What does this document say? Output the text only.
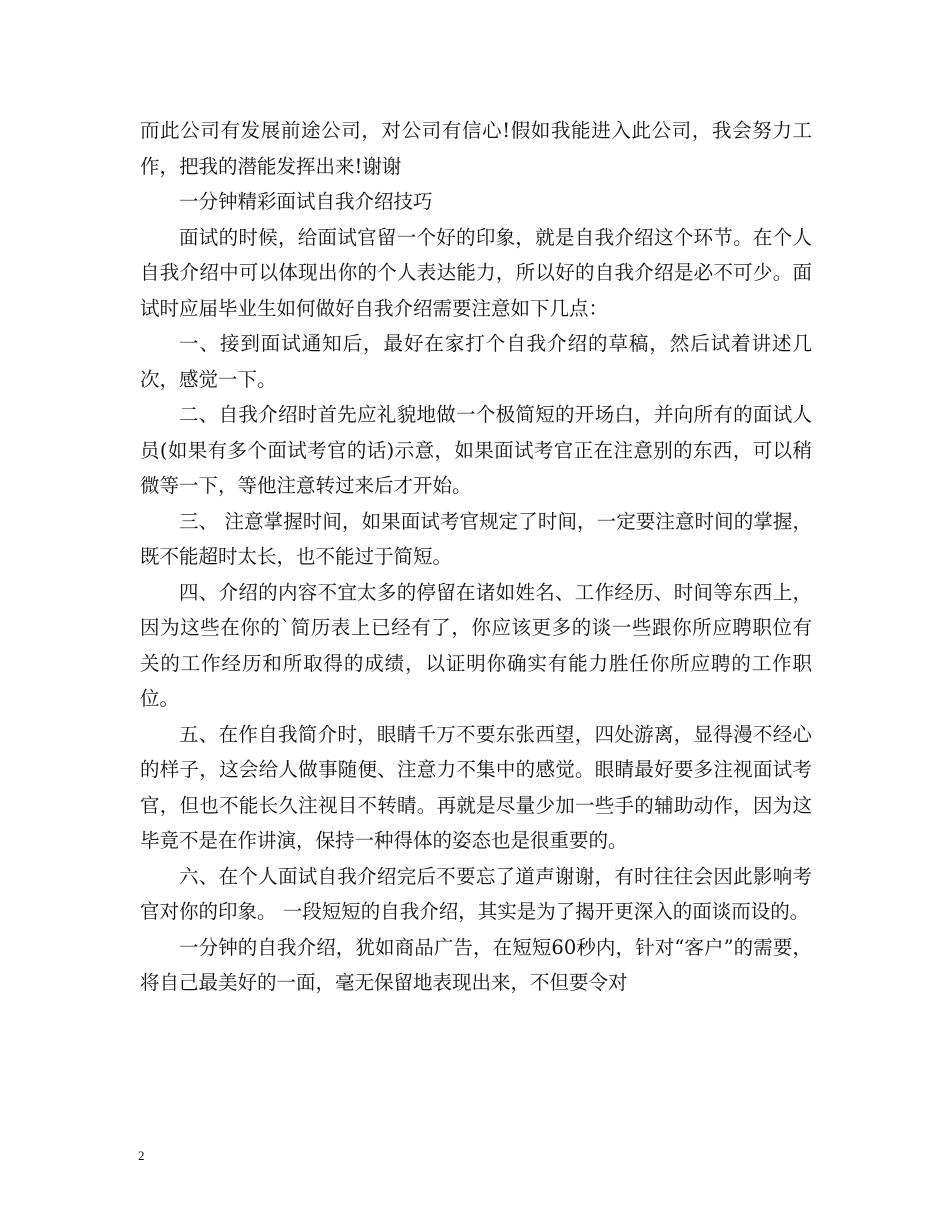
而此公司有发展前途公司，对公司有信心!假如我能进入此公司，我会努力工作，把我的潜能发挥出来!谢谢

一分钟精彩面试自我介绍技巧

面试的时候，给面试官留一个好的印象，就是自我介绍这个环节。在个人自我介绍中可以体现出你的个人表达能力，所以好的自我介绍是必不可少。面试时应届毕业生如何做好自我介绍需要注意如下几点：

一、接到面试通知后，最好在家打个自我介绍的草稿，然后试着讲述几次，感觉一下。

二、自我介绍时首先应礼貌地做一个极简短的开场白，并向所有的面试人员(如果有多个面试考官的话)示意，如果面试考官正在注意别的东西，可以稍微等一下，等他注意转过来后才开始。

三、 注意掌握时间，如果面试考官规定了时间，一定要注意时间的掌握，既不能超时太长，也不能过于简短。

四、介绍的内容不宜太多的停留在诸如姓名、工作经历、时间等东西上，因为这些在你的`简历表上已经有了，你应该更多的谈一些跟你所应聘职位有关的工作经历和所取得的成绩，以证明你确实有能力胜任你所应聘的工作职位。

五、在作自我简介时，眼睛千万不要东张西望，四处游离，显得漫不经心的样子，这会给人做事随便、注意力不集中的感觉。眼睛最好要多注视面试考官，但也不能长久注视目不转睛。再就是尽量少加一些手的辅助动作，因为这毕竟不是在作讲演，保持一种得体的姿态也是很重要的。

六、在个人面试自我介绍完后不要忘了道声谢谢，有时往往会因此影响考官对你的印象。 一段短短的自我介绍，其实是为了揭开更深入的面谈而设的。

一分钟的自我介绍，犹如商品广告，在短短60秒内，针对“客户”的需要，将自己最美好的一面，毫无保留地表现出来，不但要令对

2
